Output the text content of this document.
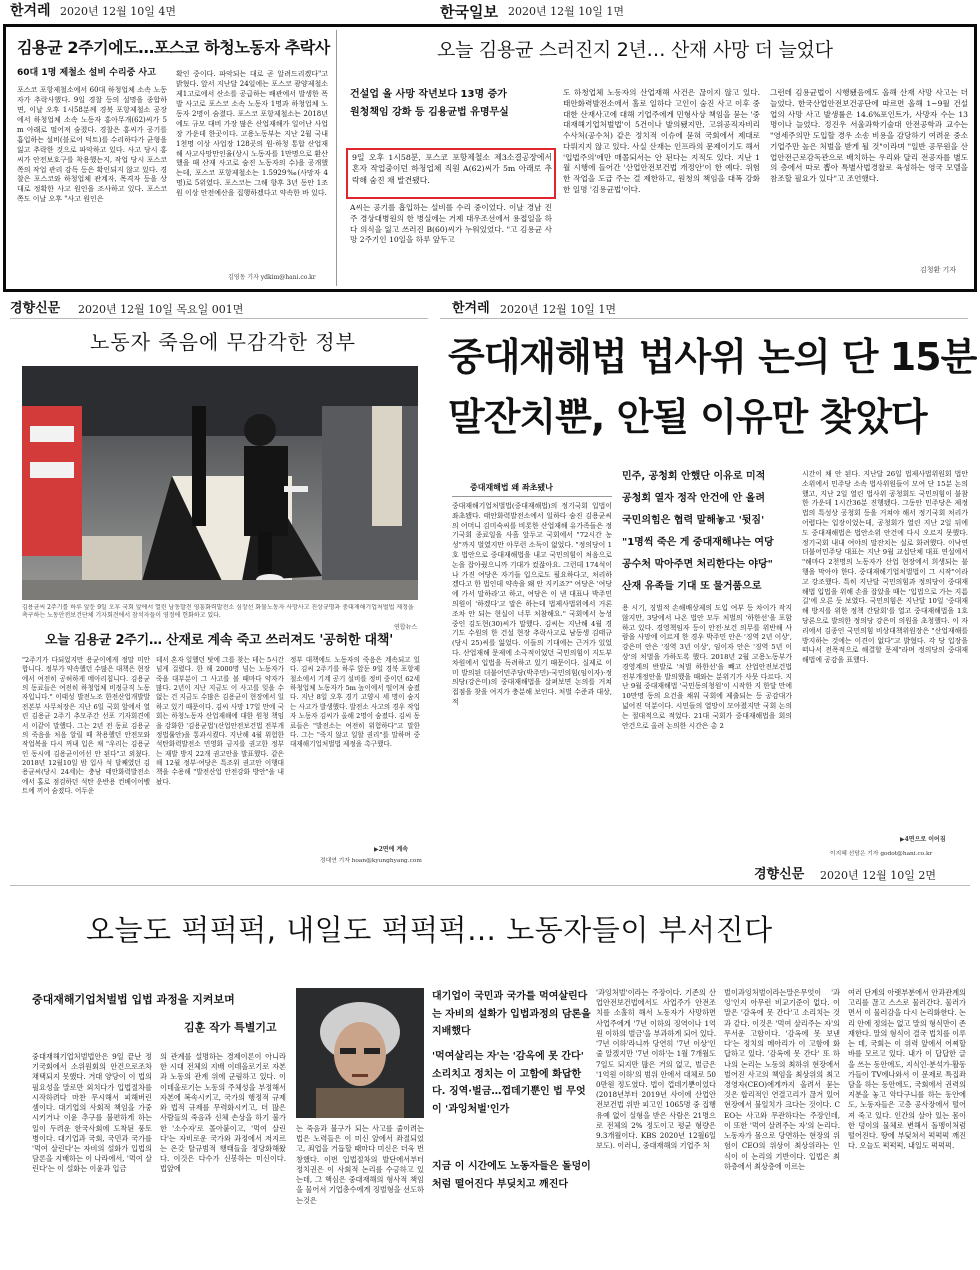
한겨레 2020년 12월 10일 4면	한국일보 2020년 12월 10일 1면
김용균 2주기에도…포스코 하청노동자 추락사
60대 1명 제철소 설비 수리중 사고
포스코 포항제철소에서 60대 하청업체 소속 노동자가 추락사했다. 9일 경찰 등의 설명을 종합하면, 이날 오후 1시58분께 경북 포항제철소 공장에서 하청업체 소속 노동자 홍아무개(62)씨가 5m 아래로 떨어져 숨졌다. 경찰은 홍씨가 공기를 흡입하는 설비(블로어 덕트)를 수리하다가 균형을 잃고 추락한 것으로 파악하고 있다. 사고 당시 홍씨가 안전보호구를 착용했는지, 작업 당시 포스코쪽의 작업 관리 감독 등은 확인되지 않고 있다. 경찰은 포스코와 하청업체 관계자, 목격자 등을 상대로 정확한 사고 원인을 조사하고 있다. 포스코 쪽도 이날 오후 "사고 원인은
확인 중이다. 파악되는 대로 곧 알려드리겠다"고 밝혔다. 앞서 지난달 24일에는 포스코 광양제철소 제1고로에서 산소를 공급하는 배관에서 발생한 폭발 사고로 포스코 소속 노동자 1명과 하청업체 노동자 2명이 숨졌다. 포스코 포항제철소는 2018년에도 규모 대비 가장 많은 산업재해가 일어난 사업장 가운데 한곳이다. 고용노동부는 지난 2월 국내 1천명 이상 사업장 128곳의 원·하청 통합 산업재해 사고사망만인율(상시 노동자를 1만명으로 환산했을 때 산재 사고로 숨진 노동자의 수)을 공개했는데, 포스코 포항제철소는 1.5929‰(사망자 4명)로 5위였다. 포스코는 그해 향후 3년 동안 1조원 이상 안전예산을 집행하겠다고 약속한 바 있다.
김영동 기자 ydkim@hani.co.kr
오늘 김용균 스러진지 2년… 산재 사망 더 늘었다
건설업 올 사망 작년보다 13명 증가
원청책임 강화 등 김용균법 유명무실
9일 오후 1시58분, 포스코 포항제철소 제3소결공장에서 혼자 작업중이던 하청업체 직원 A(62)씨가 5m 아래로 추락해 숨진 채 발견됐다.
A씨는 공기를 흡입하는 설비를 수리 중이었다. 이날 경남 진주 경상대병원의 한 병실에는 거제 대우조선에서 용접일을 하다 의식을 잃고 쓰러진 B(60)씨가 누워있었다. "고 김용균 사망 2주기인 10일을 하루 앞두고
도 하청업체 노동자의 산업재해 사건은 끊이지 않고 있다. 태안화력발전소에서 홀로 일하다 고인이 숨진 사고 이후 중대한 산재사고에 대해 기업주에게 민형사상 책임을 묻는 '중대재해기업처벌법'이 5건이나 발의됐지만, 고위공직자비리수사처(공수처) 같은 정치적 이슈에 묻혀 국회에서 제대로 다뤄지지 않고 있다. 사실 산재는 인프라의 문제이기도 해서 '입법주의'에만 매몰되서는 안 된다는 지적도 있다. 지난 1월 시행에 들어간 '산업안전보건법 개정안'이 한 예다. 위험한 작업을 도급 주는 걸 제한하고, 원청의 책임을 대폭 강화한 일명 '김용균법'이다.
그런데 김용균법이 시행됐음에도 올해 산재 사망 사고는 더 늘었다. 한국산업안전보건공단에 따르면 올해 1~9월 건설업의 사망 사고 발생률은 14.6%포인트가, 사망자 수는 13명이나 늘었다. 정진우 서울과학기술대 안전공학과 교수는 "영세주의만 도입할 경우 소송 비용을 감당하기 여려운 중소기업주만 높은 처벌을 받게 될 것"이라며 "일반 공무원을 산업안전근로감독관으로 배치하는 우리와 달리 전공자를 별도의 층에서 따로 뽑아 특별사법경찰로 육성하는 영국 모델을 참조할 필요가 있다"고 조언했다.
김청환 기자
경향신문 2020년 12월 10일 목요일 001면
노동자 죽음에 무감각한 정부
김용균씨 2주기를 하루 앞둔 9일 오후 국회 앞에서 열린 남동발전 영흥화력발전소 심장선 화물노동자 사망사고 진상규명과 중대재해기업처벌법 제정을 촉구하는 노동안전보건단체 기자회견에서 참석자들이 영정에 헌화하고 있다.
연합뉴스
오늘 김용균 2주기… 산재로 계속 죽고 쓰러져도 '공허한 대책'
"2주기가 다되었지만 용균이에게 정말 미안합니다. 정부가 약속했던 수많은 대책은 현장에서 여전히 공허하게 메아리칩니다. 김용균의 동료들은 여전히 하청업체 비정규직 노동자입니다." 이태성 발전노조 한전산업개발발전본부 사무처장은 지난 6일 국회 앞에서 열린 김용균 2주기 추모주간 선포 기자회견에서 이같이 말했다. 그는 2년 전 동료 김용균의 죽음을 처음 알릴 때 착용했던 안전모와 작업복을 다시 꺼내 입은 채 "우리는 김용균인 동시에 김용균이어선 안 된다"고 외쳤다. 2018년 12월10일 밤 입사 석 달째였던 김용균씨(당시 24세)는 충남 태안화력발전소에서 홀로 점검하던 석탄 운반용 컨베이어벨트에 끼어 숨졌다. 어두운
데서 혼자 일했던 탓에 그를 찾는 데는 5시간 넘게 걸렸다. 한 해 2000명 넘는 노동자가 죽을 대부분이 그 사고를 볼 때마다 약자가 많다. 2년이 지난 지금도 이 사고를 잊을 수 없는 건 지금도 수많은 김용균이 현장에서 일하고 있기 때문이다. 김씨 사망 17일 만에 국회는 하청노동자 산업재해에 대한 원청 책임을 강화한 '김용균법'(산업안전보건법 전부개정법률안)을 통과시켰다. 지난해 4월 위험한 석탄화력발전소 민영화 금지를 권고한 정부는 재발 방지 22개 권고안을 발표했다. 같은해 12월 정부·여당은 특조위 권고안 이행대책을 수용해 "발전산업 안전강화 방안"을 내놨다.
정부 대책에도 노동자의 죽음은 계속되고 있다. 김씨 2주기를 하루 앞둔 9일 경북 포항제철소에서 기계 공기 설비를 정비 중이던 62세 하청업체 노동자가 5m 높이에서 떨어져 숨졌다. 지난 8일 오후 경기 고양시 세 명이 숨지는 사고가 발생했다. 발전소 사고의 경우 작업자 노동자 김씨가 올해 2명이 숨졌다. 김씨 동료들은 "발전소는 여전히 위험하다"고 말한다. 그는 "죽지 않고 일할 권리"를 말하며 중대재해기업처벌법 제정을 촉구했다.
정대연 기자 hoan@kyunghyang.com
▶2면에 계속
한겨레 2020년 12월 10일 1면
중대재해법 법사위 논의 단 15분
말잔치뿐, 안될 이유만 찾았다
중대재해법 왜 좌초됐나
민주, 공청회 안했단 이유로 미적
공청회 열자 정작 안건에 안 올려
국민의힘은 협력 말해놓고 '뒷짐'
"1명씩 죽은 게 중대재해냐는 여당
공수처 막아주면 처리한다는 야당"
산재 유족들 기대 또 물거품으로
중대재해기업처벌법(중대재해법)의 정기국회 입법이 좌초됐다. 태안화력발전소에서 일하다 숨진 김용균씨의 어머니 김미숙씨를 비롯한 산업재해 유가족들은 정기국회 종료일을 사흘 앞두고 국회에서 "72시간 농성"까지 벌였지만 아무런 소득이 없었다. "정의당이 1호 법안으로 중대재해법을 내고 국민의힘이 처음으로 논을 잡아줬으니까 기대가 컸잖아요. 그런데 174석이나 가진 여당은 자기들 입으로도 필요하다고, 처리하겠다고 한 법인데 약속을 왜 안 지키죠?" 여당은 '여당에 가서 말하라'고 하고, 여당은 이 낸 대표나 박주민 의원이 '하겠다'고 말은 하는데 법제사법위에서 거론조차 안 되는 현실이 너무 처참해요." 국회에서 농성 중인 김도현(30)씨가 말했다. 김씨는 지난해 4월 경기도 수원의 한 건설 현장 추락사고로 남동생 김태규(당시 25)씨를 잃었다. 이들의 기대에는 근거가 있었다. 산업재해 문제에 소극적이었던 국민의힘이 지도부 차원에서 입법을 독려하고 있기 때문이다. 실제로 이미 발의된 더불어민주당(박주민)·국민의힘(임이자)·정의당(강은미)의 중대재해법을 살펴보면 논의를 거쳐 접점을 찾을 여지가 충분해 보인다. 처벌 수준과 대상, 적
용 시기, 징벌적 손해배상제의 도입 여부 등 차이가 작지 않지만, 3당에서 나온 법안 모두 처벌의 '하한선'을 포함하고 있다. 경영책임자 등이 안전·보건 의무를 위반해 사람을 사망에 이르게 한 경우 박주민 안은 '징역 2년 이상', 강은미 안은 '징역 3년 이상', 임이자 안은 '징역 5년 이상'의 처벌을 가하도록 했다. 2018년 2월 고용노동부가 경영계의 반발로 '처벌 하한선'을 빼고 산업안전보건법 전부개정안을 발의했을 때와는 분위기가 사뭇 다르다. 지난 9월 중대재해법 '국민동의청원'이 시작한 지 한달 만에 10만명 동의 요건을 채워 국회에 제출되는 등 공감대가 넓어진 덕분이다. 시민들의 열망이 모아졌지만 국회 논의는 절대적으로 적었다. 21대 국회가 중대재해법을 회의 안건으로 올려 논의한 시간은 총 2
시간이 채 안 된다. 지난달 26일 법제사법위원회 법안소위에서 민주당 소속 법사위원들이 모여 단 15분 논의했고, 지난 2일 열린 법사위 공청회도 국민의힘이 불참한 가운데 1시간36분 진행됐다. 그동안 민주당은 제정법의 특성상 공청회 등을 거쳐야 해서 정기국회 처리가 어렵다는 입장이었는데, 공청회가 열린 지난 2일 뒤에도 중대재해법은 법안소위 안건에 다시 오르지 못했다. 정기국회 내내 여야의 말잔치는 실로 화려했다. 이낙연 더불어민주당 대표는 지난 9월 교섭단체 대표 연설에서 "해마다 2천명의 노동자가 산업 현장에서 희생되는 불행을 막아야 한다. 중대재해기업처벌법이 그 시작"이라고 강조했다. 특히 지난달 국민의힘과 정의당이 중대재해법 입법을 위해 손을 잡았을 때는 '입법으로 가는 지름길'에 오른 듯 보였다. 국민의힘은 지난달 10일 '중대재해 방지를 위한 정책 간담회'를 열고 중대재해법을 1호 당론으로 발의한 정의당 강은미 의원을 초청했다. 이 자리에서 김종인 국민의힘 비상대책위원장은 "산업재해를 방지하는 것에는 이견이 없다"고 밝혔다. 각 당 입장을 떠나서 전폭적으로 해결할 문제"라며 정의당의 중대재해법에 공감을 표했다.
▶4면으로 이어짐
이지혜 선담은 기자 godot@hani.co.kr
경향신문 2020년 12월 10일 2면
오늘도 퍽퍽퍽, 내일도 퍽퍽퍽… 노동자들이 부서진다
중대재해기업처벌법 입법 과정을 지켜보며
김훈 작가 특별기고
중대재해기업처벌법안은 9일 끝난 정기국회에서 소위원회의 안건으로조차 채택되지 못했다. 거대 양당이 이 법의 필요성을 말로만 외치다가 입법절차를 시작하려다 마찬 무시해서 피해버린 셈이다. 대기업의 사회적 책임을 가중시키거나 이윤 추구를 불편하게 하는 일이 두려운 한국사회에 도착된 풍토병이다. 대기업과 국회, 국민과 국가를 '먹여 살린다'는 자비의 설화가 입법의 담론을 지배하는 이 나라에서, '먹여 살린다'는 이 설화는 이윤과 입금
의 관계를 설명하는 경제이론이 아니라 한 시대 전체의 지배 이데올로기로 자본과 노동의 관계 위에 군림하고 있다. 이 이데올로기는 노동의 주체성을 부정해서 자본에 복속시키고, 국가의 행정적 규제와 법적 규제를 무력화시키고, 더 많은 사람들의 죽음과 신체 손상을 하기 불가한 '소수자'로 몰아붙이고, '먹여 살린다'는 자비로운 국가와 과정에서 저지르는 온갖 탈규범적 행태들을 정당화해왔다. 이것은 다수가 신봉하는 미신이다. 법앞에
는 죽음과 불구가 되는 사고를 줄이려는 법은 노력들은 이 미신 앞에서 좌절되었고, 죄업을 거듭할 때마다 미신은 더욱 번창했다. 이번 입법절차의 발단에서부터 정치권은 이 사회적 논리를 수긍하고 있는데, 그 핵심은 중대재해의 형사적 책임을 물어서 기업총수에게 징벌형을 선도하는것은
대기업이 국민과 국가를 먹여살린다는 자비의 설화가 입법과정의 담론을 지배했다
'먹여살리는 자'는 '감옥에 못 간다' 소리치고 정치는 이 고함에 화답한다. 징역·벌금…껍데기뿐인 법 무엇이 '과잉처벌'인가
지금 이 시간에도 노동자들은 돌덩이처럼 떨어진다 부딪치고 깨진다
'과잉처벌'이라는 주장이다. 기존의 산업안전보건법에서도 사업주가 안전조치를 소홀히 해서 노동자가 사망하면 사업주에게 '7년 이하의 징역이나 1억원 이하의 벌금'을 부과하게 되어 있다. '7년 이하'라니까 당연히 '7년 이상'인 줄 알겠지만 '7년 이하'는 1월 7개월도 7일도 되지만 많은 거의 없고, 벌금은 '1억원 이하'의 범위 안에서 대체로 500만원 정도였다. 법이 껍데기뿐이었다 (2018년부터 2019년 사이에 산업안전보건법 위반 피고인 1065명 중 집행유예 없이 실형을 받은 사람은 21명으로 전체의 2% 정도이고 평균 형량은 9.3개월이다. KBS 2020년 12월6일 보도). 이러니, 중대재해의 기업주 처
벌이과잉처벌이라는말은무엇이 '과잉'인지 아무런 비교기준이 없다. 이 말은 '감옥에 못 간다'고 소리치는 것과 같다. 이것은 '먹여 살리주는 자'의 무서운 고함이다. '감옥에 못 보낸다'는 정치의 메아리가 이 고함에 화답하고 있다. '감옥에 못 간다' 또 하나의 논리는 노동의 최하위 현장에서 벌어진 사고의 책임을 최상위의 최고경영자(CEO)에게까지 올려서 묻는 것은 합리적인 연결고리가 끊겨 있어 현장에서 불일치가 크다는 것이다. CEO는 사고와 무관하다는 주장인데, 이 또한 '먹여 살려주는 자'의 논리다. 노동자가 몸으로 당면하는 현장의 위험이 CEO의 위상이 최상위라는 인식이 이 논리의 기반이다. 입법은 최하층에서 최상층에 이르는
여러 단계의 아랫부분에서 안과관계의 고리를 끊고 스스로 물러간다. 물러가면서 이 물러감을 다시 논리화한다. 논리 안에 정의는 없고 말의 형식만이 존재한다. 말의 형식이 결국 법치를 이루는 데, 국회는 이 위력 앞에서 어찌할 바를 모르고 있다. 내가 이 답답한 글을 쓰는 동안에도, 지식인·분석가·활동가들이 TV에나와서 이 문제로 특집좌담을 하는 동안에도, 국회에서 권력의 지분을 놓고 악다구니를 하는 동안에도, 노동자들은 고층 공사장에서 떨어져 죽고 있다. 인간의 살아 있는 몸이 한 덩이의 물체로 변해서 돌멩이처럼 떨어진다. 땅에 부딪쳐서 퍽퍽퍽 깨진다. 오늘도 퍽퍽퍽, 내일도 퍽퍽퍽.
